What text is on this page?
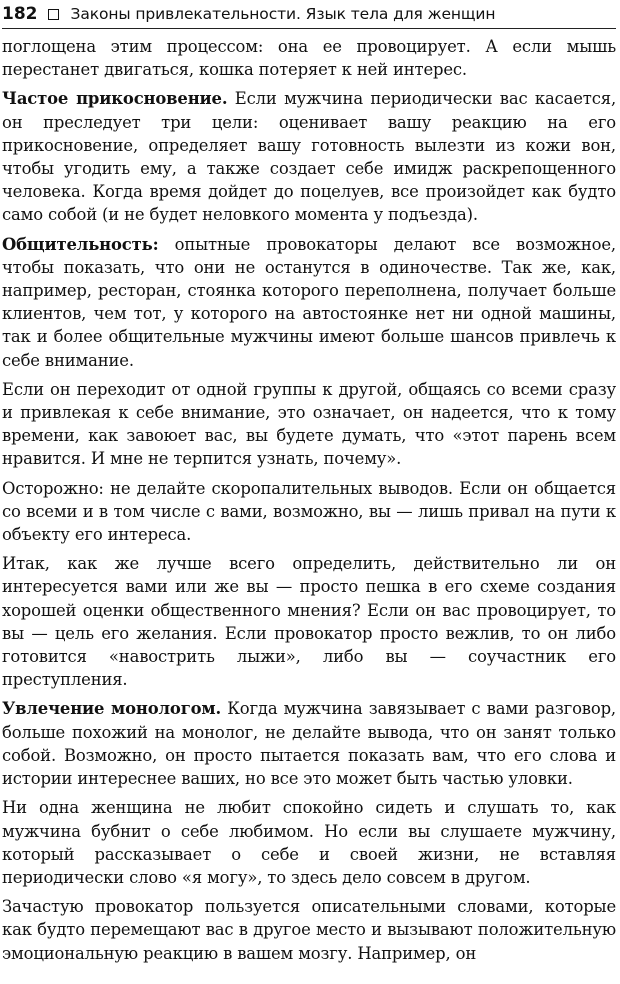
182 Законы привлекательности. Язык тела для женщин

поглощена этим процессом: она ее провоцирует. А если мышь перестанет двигаться, кошка потеряет к ней интерес.

Частое прикосновение. Если мужчина периодически вас касается, он преследует три цели: оценивает вашу реакцию на его прикосновение, определяет вашу готовность вылезти из кожи вон, чтобы угодить ему, а также создает себе имидж раскрепощенного человека. Когда время дойдет до поцелуев, все произойдет как будто само собой (и не будет неловкого момента у подъезда).

Общительность: опытные провокаторы делают все возможное, чтобы показать, что они не останутся в одиночестве. Так же, как, например, ресторан, стоянка которого переполнена, получает больше клиентов, чем тот, у которого на автостоянке нет ни одной машины, так и более общительные мужчины имеют больше шансов привлечь к себе внимание.

Если он переходит от одной группы к другой, общаясь со всеми сразу и привлекая к себе внимание, это означает, он надеется, что к тому времени, как завоюет вас, вы будете думать, что «этот парень всем нравится. И мне не терпится узнать, почему».

Осторожно: не делайте скоропалительных выводов. Если он общается со всеми и в том числе с вами, возможно, вы — лишь привал на пути к объекту его интереса.

Итак, как же лучше всего определить, действительно ли он интересуется вами или же вы — просто пешка в его схеме создания хорошей оценки общественного мнения? Если он вас провоцирует, то вы — цель его желания. Если провокатор просто вежлив, то он либо готовится «навострить лыжи», либо вы — соучастник его преступления.

Увлечение монологом. Когда мужчина завязывает с вами разговор, больше похожий на монолог, не делайте вывода, что он занят только собой. Возможно, он просто пытается показать вам, что его слова и истории интереснее ваших, но все это может быть частью уловки.

Ни одна женщина не любит спокойно сидеть и слушать то, как мужчина бубнит о себе любимом. Но если вы слушаете мужчину, который рассказывает о себе и своей жизни, не вставляя периодически слово «я могу», то здесь дело совсем в другом.

Зачастую провокатор пользуется описательными словами, которые как будто перемещают вас в другое место и вызывают положительную эмоциональную реакцию в вашем мозгу. Например, он
